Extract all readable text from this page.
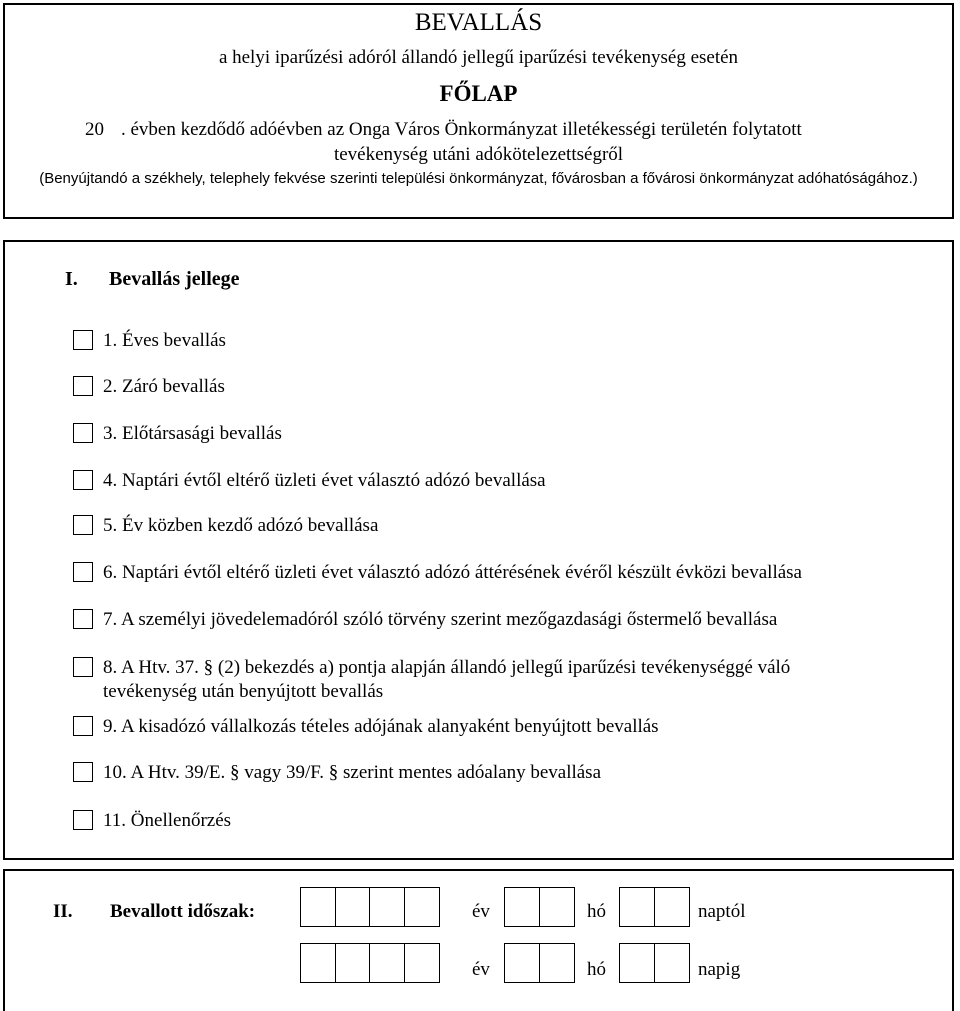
BEVALLÁS
a helyi iparűzési adóról állandó jellegű iparűzési tevékenység esetén
FŐLAP
20 . évben kezdődő adóévben az Onga Város Önkormányzat illetékességi területén folytatott
tevékenység utáni adókötelezettségről
(Benyújtandó a székhely, telephely fekvése szerinti települési önkormányzat, fővárosban a fővárosi önkormányzat adóhatóságához.)
I. Bevallás jellege
1. Éves bevallás
2. Záró bevallás
3. Előtársasági bevallás
4. Naptári évtől eltérő üzleti évet választó adózó bevallása
5. Év közben kezdő adózó bevallása
6. Naptári évtől eltérő üzleti évet választó adózó áttérésének évéről készült évközi bevallása
7. A személyi jövedelemadóról szóló törvény szerint mezőgazdasági őstermelő bevallása
8. A Htv. 37. § (2) bekezdés a) pontja alapján állandó jellegű iparűzési tevékenységgé váló tevékenység után benyújtott bevallás
9. A kisadózó vállalkozás tételes adójának alanyaként benyújtott bevallás
10. A Htv. 39/E. § vagy 39/F. § szerint mentes adóalany bevallása
11. Önellenőrzés
II. Bevallott időszak:	év	hó	naptól
év	hó	napig
